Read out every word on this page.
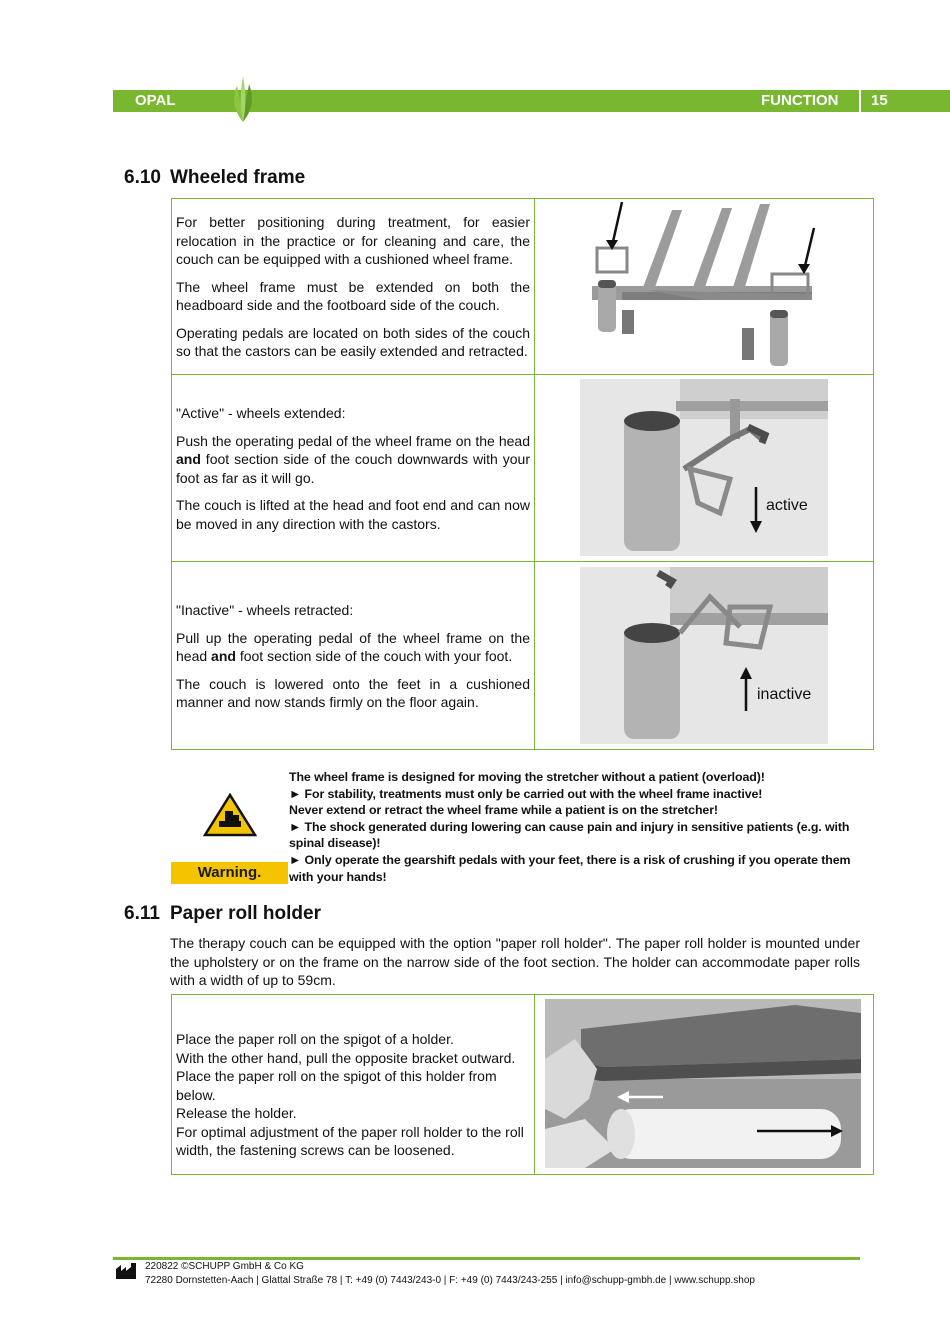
OPAL	FUNCTION 15
6.10 Wheeled frame

For better positioning during treatment, for easier relocation in the practice or for cleaning and care, the couch can be equipped with a cushioned wheel frame.

The wheel frame must be extended on both the headboard side and the footboard side of the couch.

Operating pedals are located on both sides of the couch so that the castors can be easily extended and retracted.

"Active" - wheels extended:

Push the operating pedal of the wheel frame on the head and foot section side of the couch downwards with your foot as far as it will go.

The couch is lifted at the head and foot end and can now be moved in any direction with the castors.

active

"Inactive" - wheels retracted:

Pull up the operating pedal of the wheel frame on the head and foot section side of the couch with your foot.

The couch is lowered onto the feet in a cushioned manner and now stands firmly on the floor again.	inactive
Warning.
The wheel frame is designed for moving the stretcher without a patient (overload)!
► For stability, treatments must only be carried out with the wheel frame inactive!
Never extend or retract the wheel frame while a patient is on the stretcher!
► The shock generated during lowering can cause pain and injury in sensitive patients (e.g. with spinal disease)!
► Only operate the gearshift pedals with your feet, there is a risk of crushing if you operate them with your hands!
6.11 Paper roll holder
The therapy couch can be equipped with the option "paper roll holder". The paper roll holder is mounted under the upholstery or on the frame on the narrow side of the foot section. The holder can accommodate paper rolls with a width of up to 59cm.
Place the paper roll on the spigot of a holder.
With the other hand, pull the opposite bracket outward.
Place the paper roll on the spigot of this holder from below.
Release the holder.
For optimal adjustment of the paper roll holder to the roll width, the fastening screws can be loosened.
220822 ©SCHUPP GmbH & Co KG
72280 Dornstetten-Aach | Glattal Straße 78 | T: +49 (0) 7443/243-0 | F: +49 (0) 7443/243-255 | info@schupp-gmbh.de | www.schupp.shop
